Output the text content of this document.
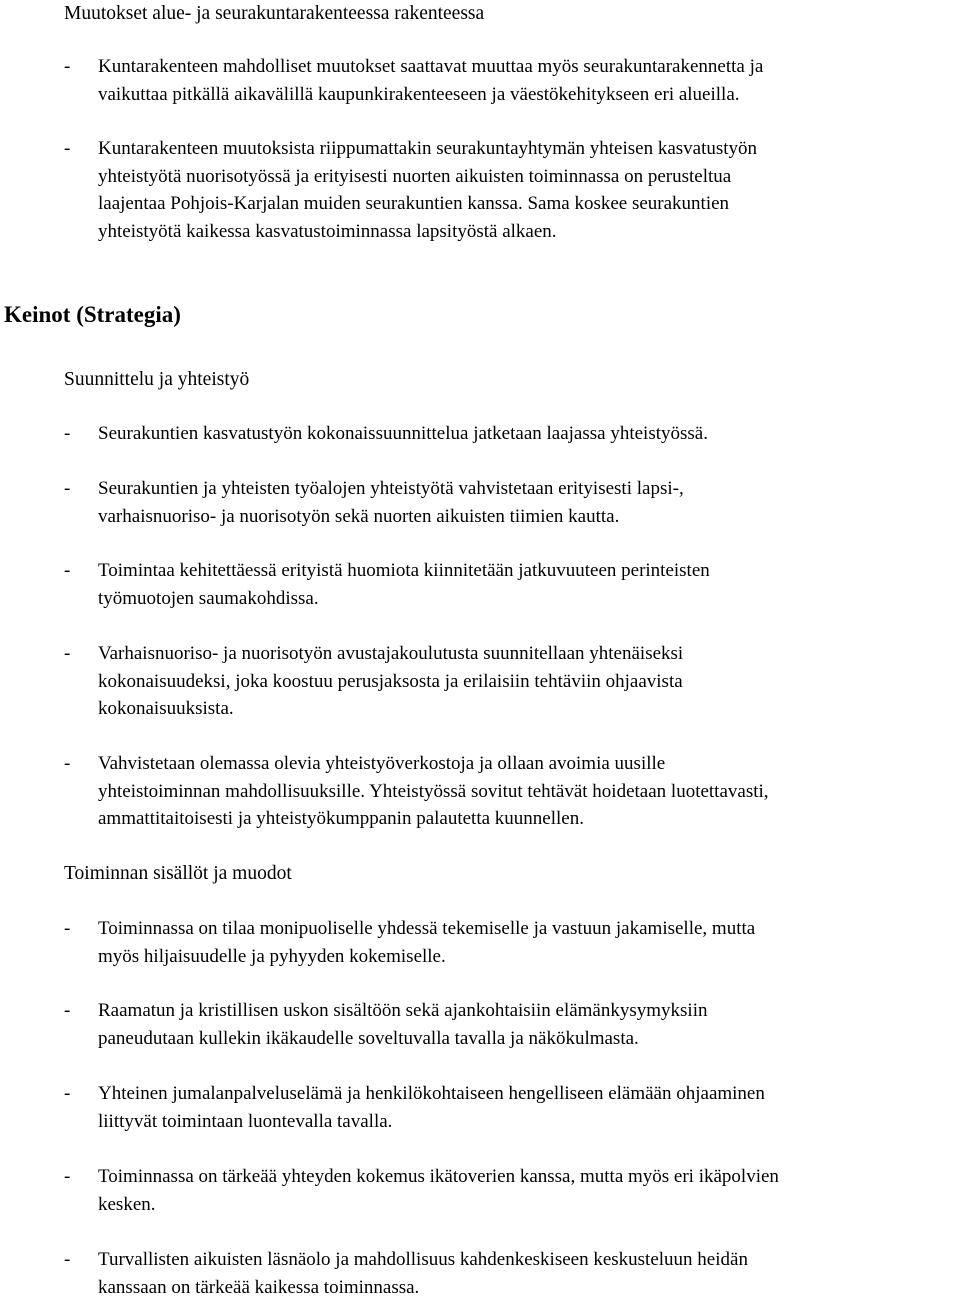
Muutokset alue- ja seurakuntarakenteessa rakenteessa
- Kuntarakenteen mahdolliset muutokset saattavat muuttaa myös seurakuntarakennetta ja
vaikuttaa pitkällä aikavälillä kaupunkirakenteeseen ja väestökehitykseen eri alueilla.
- Kuntarakenteen muutoksista riippumattakin seurakuntayhtymän yhteisen kasvatustyön
yhteistyötä nuorisotyössä ja erityisesti nuorten aikuisten toiminnassa on perusteltua
laajentaa Pohjois-Karjalan muiden seurakuntien kanssa. Sama koskee seurakuntien
yhteistyötä kaikessa kasvatustoiminnassa lapsityöstä alkaen.
Keinot (Strategia)
Suunnittelu ja yhteistyö
- Seurakuntien kasvatustyön kokonaissuunnittelua jatketaan laajassa yhteistyössä.
- Seurakuntien ja yhteisten työalojen yhteistyötä vahvistetaan erityisesti lapsi-,
varhaisnuoriso- ja nuorisotyön sekä nuorten aikuisten tiimien kautta.
- Toimintaa kehitettäessä erityistä huomiota kiinnitetään jatkuvuuteen perinteisten
työmuotojen saumakohdissa.
- Varhaisnuoriso- ja nuorisotyön avustajakoulutusta suunnitellaan yhtenäiseksi
kokonaisuudeksi, joka koostuu perusjaksosta ja erilaisiin tehtäviin ohjaavista
kokonaisuuksista.
- Vahvistetaan olemassa olevia yhteistyöverkostoja ja ollaan avoimia uusille
yhteistoiminnan mahdollisuuksille. Yhteistyössä sovitut tehtävät hoidetaan luotettavasti,
ammattitaitoisesti ja yhteistyökumppanin palautetta kuunnellen.
Toiminnan sisällöt ja muodot
- Toiminnassa on tilaa monipuoliselle yhdessä tekemiselle ja vastuun jakamiselle, mutta
myös hiljaisuudelle ja pyhyyden kokemiselle.
- Raamatun ja kristillisen uskon sisältöön sekä ajankohtaisiin elämänkysymyksiin
paneudutaan kullekin ikäkaudelle soveltuvalla tavalla ja näkökulmasta.
- Yhteinen jumalanpalveluselämä ja henkilökohtaiseen hengelliseen elämään ohjaaminen
liittyvät toimintaan luontevalla tavalla.
- Toiminnassa on tärkeää yhteyden kokemus ikätoverien kanssa, mutta myös eri ikäpolvien
kesken.
- Turvallisten aikuisten läsnäolo ja mahdollisuus kahdenkeskiseen keskusteluun heidän
kanssaan on tärkeää kaikessa toiminnassa.
